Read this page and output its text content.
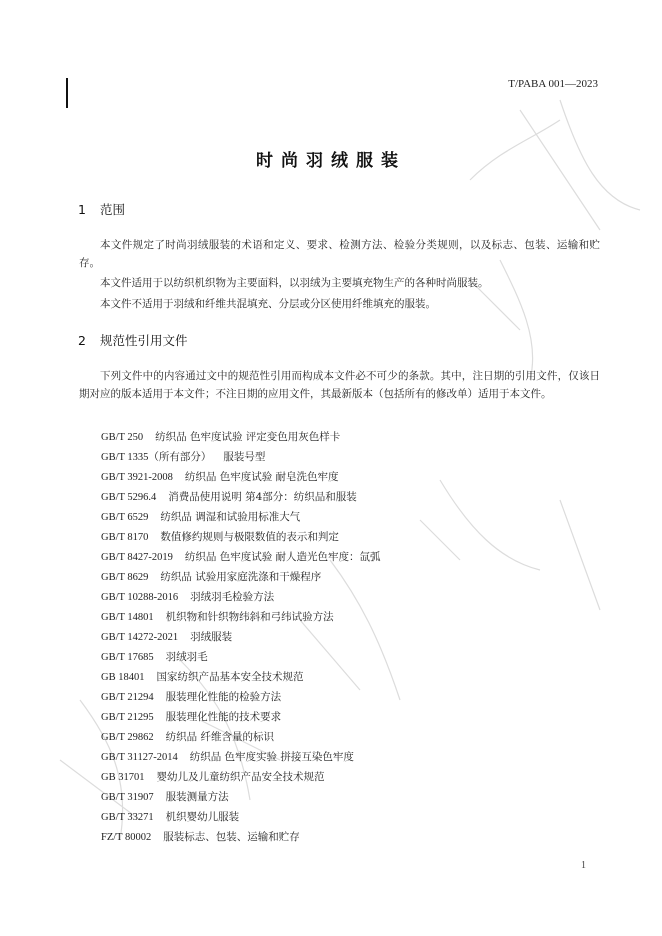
T/PABA 001—2023
时尚羽绒服装
1 范围

本文件规定了时尚羽绒服装的术语和定义、要求、检测方法、检验分类规则，以及标志、包装、运输和贮存。

本文件适用于以纺织机织物为主要面料，以羽绒为主要填充物生产的各种时尚服装。

本文件不适用于羽绒和纤维共混填充、分层或分区使用纤维填充的服装。

2 规范性引用文件

下列文件中的内容通过文中的规范性引用而构成本文件必不可少的条款。其中，注日期的引用文件，仅该日期对应的版本适用于本文件；不注日期的应用文件，其最新版本（包括所有的修改单）适用于本文件。

GB/T 250 纺织品 色牢度试验 评定变色用灰色样卡
GB/T 1335（所有部分） 服装号型
GB/T 3921-2008 纺织品 色牢度试验 耐皂洗色牢度
GB/T 5296.4 消费品使用说明 第4部分：纺织品和服装
GB/T 6529 纺织品 调湿和试验用标准大气
GB/T 8170 数值修约规则与极限数值的表示和判定
GB/T 8427-2019 纺织品 色牢度试验 耐人造光色牢度：氙弧
GB/T 8629 纺织品 试验用家庭洗涤和干燥程序
GB/T 10288-2016 羽绒羽毛检验方法
GB/T 14801 机织物和针织物纬斜和弓纬试验方法
GB/T 14272-2021 羽绒服装
GB/T 17685 羽绒羽毛
GB 18401 国家纺织产品基本安全技术规范
GB/T 21294 服装理化性能的检验方法
GB/T 21295 服装理化性能的技术要求
GB/T 29862 纺织品 纤维含量的标识
GB/T 31127-2014 纺织品 色牢度实验 拼接互染色牢度
GB 31701 婴幼儿及儿童纺织产品安全技术规范
GB/T 31907 服装测量方法
GB/T 33271 机织婴幼儿服装
FZ/T 80002 服装标志、包装、运输和贮存
1
